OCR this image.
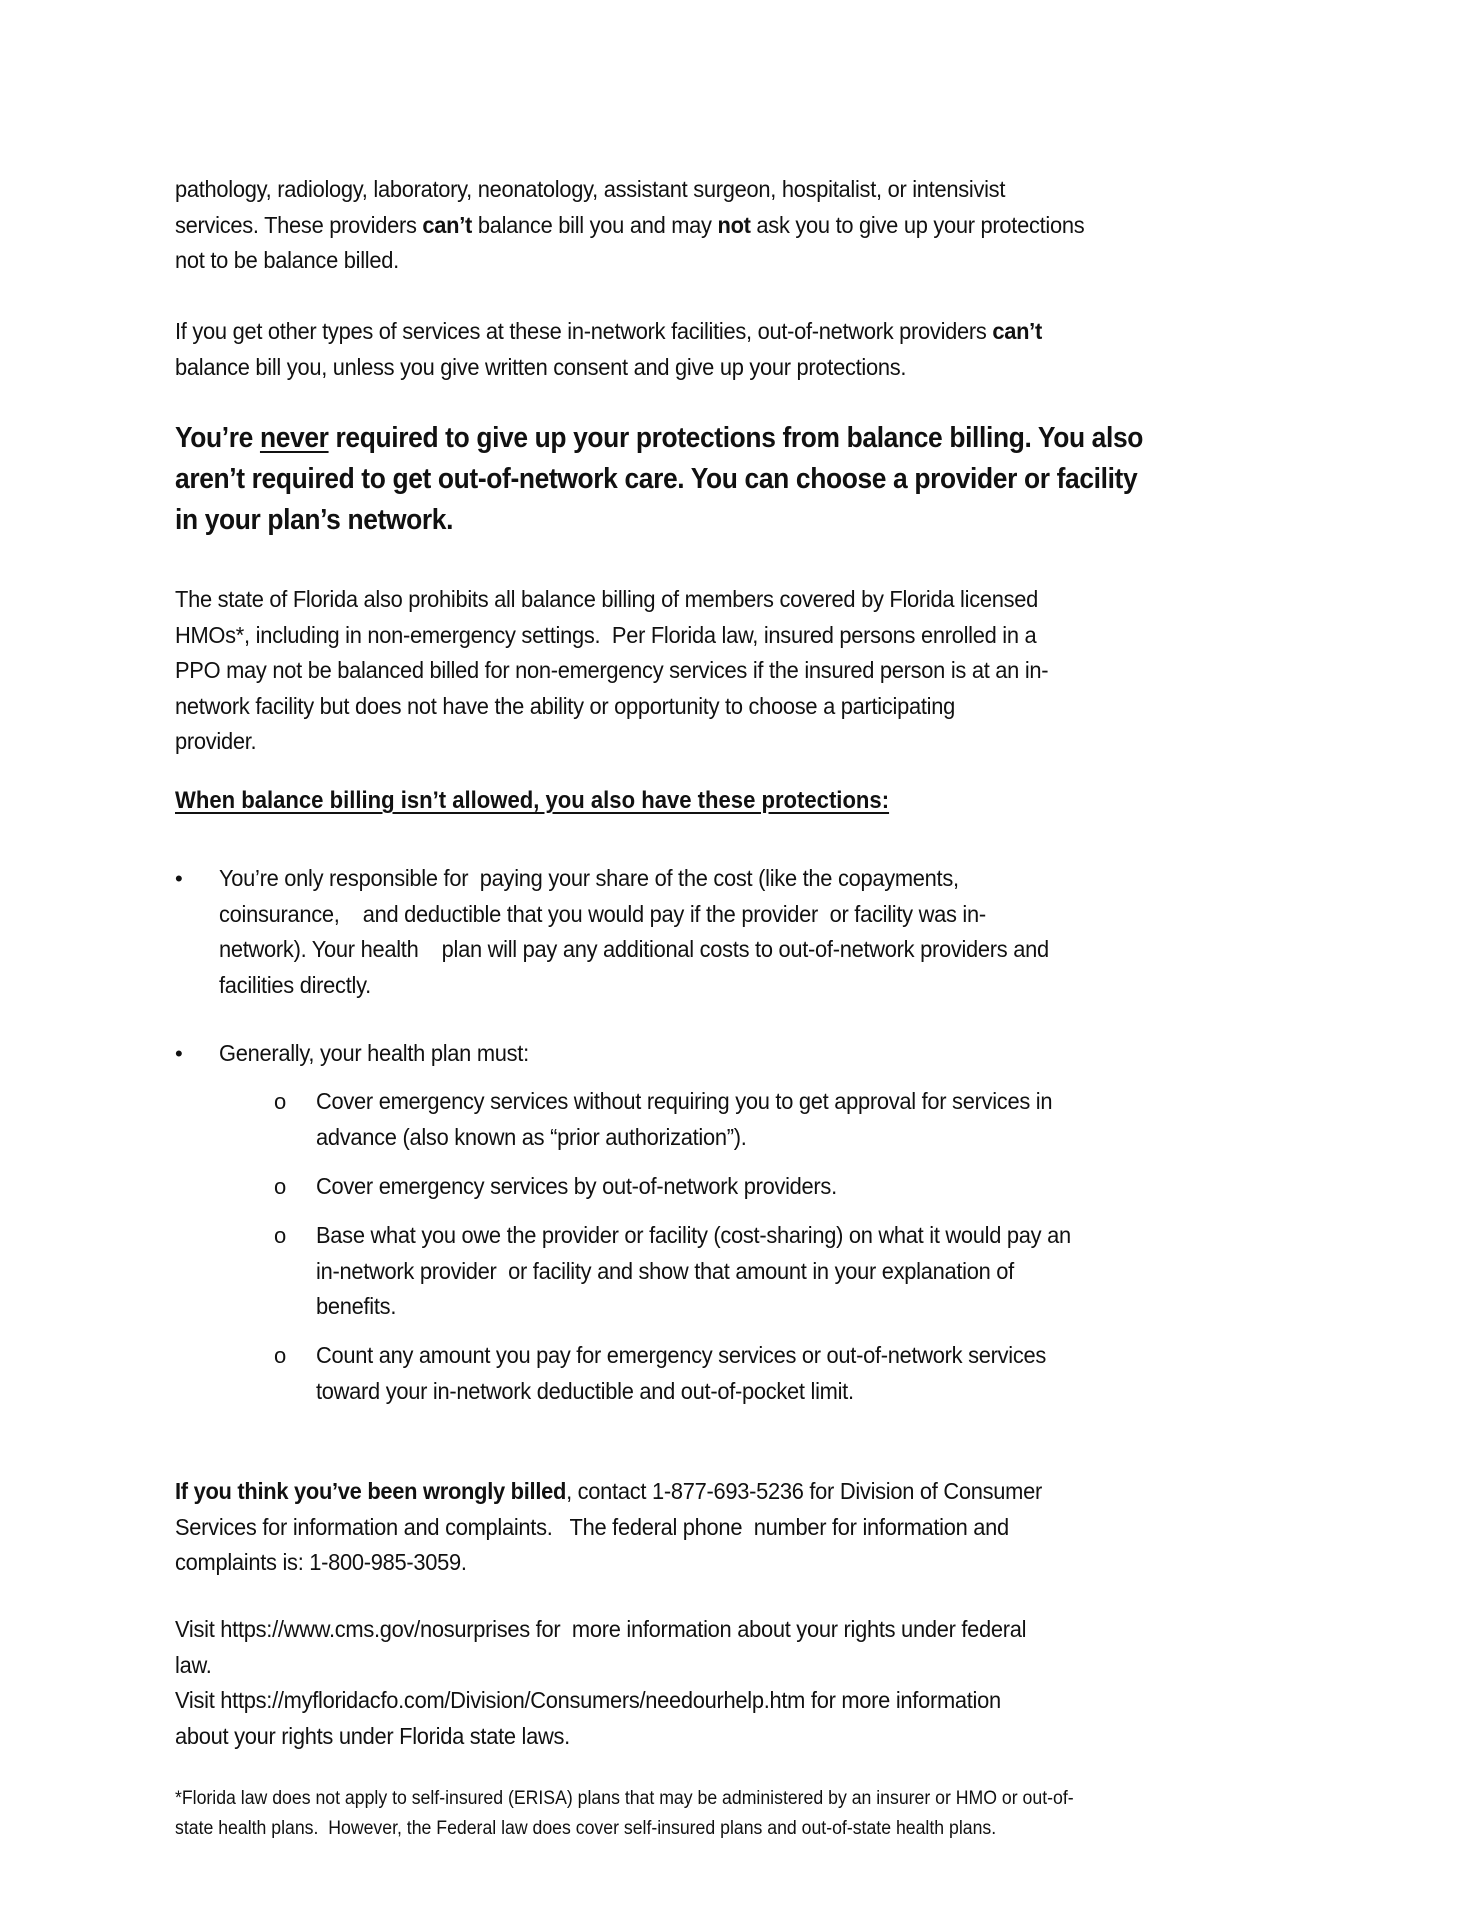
pathology, radiology, laboratory, neonatology, assistant surgeon, hospitalist, or intensivist
services. These providers can’t balance bill you and may not ask you to give up your protections
not to be balance billed.
If you get other types of services at these in-network facilities, out-of-network providers can’t
balance bill you, unless you give written consent and give up your protections.
You’re never required to give up your protections from balance billing. You also
aren’t required to get out-of-network care. You can choose a provider or facility
in your plan’s network.
The state of Florida also prohibits all balance billing of members covered by Florida licensed
HMOs*, including in non-emergency settings.  Per Florida law, insured persons enrolled in a
PPO may not be balanced billed for non-emergency services if the insured person is at an in-
network facility but does not have the ability or opportunity to choose a participating
provider.
When balance billing isn’t allowed, you also have these protections:
• You’re only responsible for  paying your share of the cost (like the copayments,
coinsurance,    and deductible that you would pay if the provider  or facility was in-
network). Your health    plan will pay any additional costs to out-of-network providers and
facilities directly.
• Generally, your health plan must:
o Cover emergency services without requiring you to get approval for services in
advance (also known as “prior authorization”).
o Cover emergency services by out-of-network providers.
o Base what you owe the provider or facility (cost-sharing) on what it would pay an
in-network provider  or facility and show that amount in your explanation of
benefits.
o Count any amount you pay for emergency services or out-of-network services
toward your in-network deductible and out-of-pocket limit.
If you think you’ve been wrongly billed, contact 1-877-693-5236 for Division of Consumer
Services for information and complaints.   The federal phone  number for information and
complaints is: 1-800-985-3059.
Visit https://www.cms.gov/nosurprises for  more information about your rights under federal
law.
Visit https://myfloridacfo.com/Division/Consumers/needourhelp.htm for more information
about your rights under Florida state laws.
*Florida law does not apply to self-insured (ERISA) plans that may be administered by an insurer or HMO or out-of-
state health plans.  However, the Federal law does cover self-insured plans and out-of-state health plans.
